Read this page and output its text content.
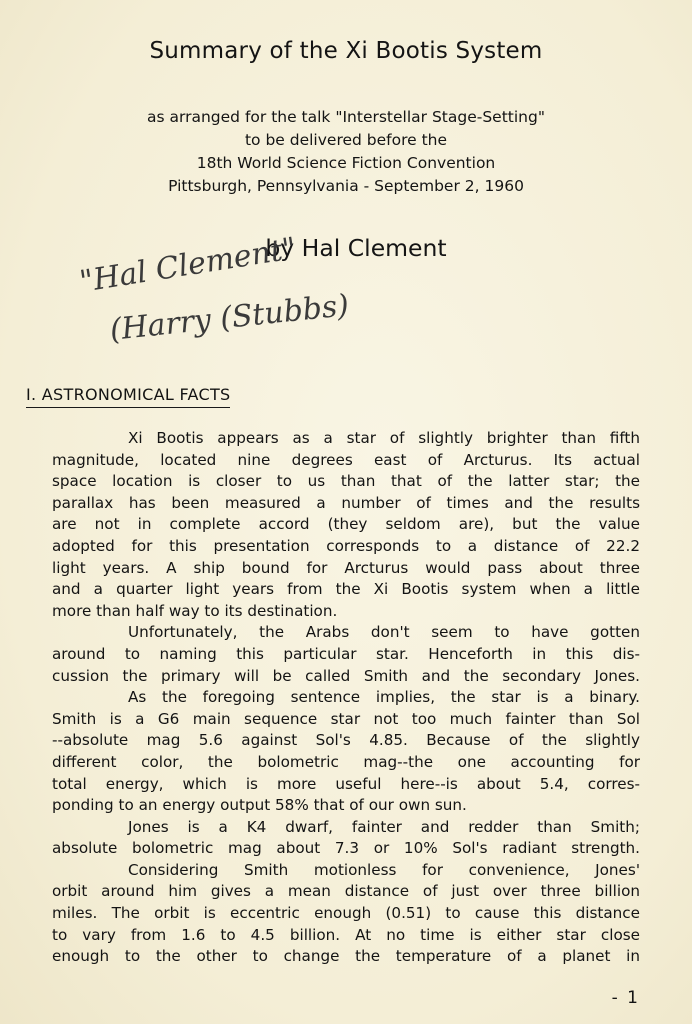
Summary of the Xi Bootis System
as arranged for the talk "Interstellar Stage-Setting"
to be delivered before the
18th World Science Fiction Convention
Pittsburgh, Pennsylvania - September 2, 1960
by Hal Clement
"Hal Clement"
(Harry (Stubbs)
I. ASTRONOMICAL FACTS
Xi Bootis appears as a star of slightly brighter than fifth
magnitude, located nine degrees east of Arcturus. Its actual
space location is closer to us than that of the latter star; the
parallax has been measured a number of times and the results
are not in complete accord (they seldom are), but the value
adopted for this presentation corresponds to a distance of 22.2
light years. A ship bound for Arcturus would pass about three
and a quarter light years from the Xi Bootis system when a little
more than half way to its destination.
Unfortunately, the Arabs don't seem to have gotten
around to naming this particular star. Henceforth in this dis-
cussion the primary will be called Smith and the secondary Jones.
As the foregoing sentence implies, the star is a binary.
Smith is a G6 main sequence star not too much fainter than Sol
--absolute mag 5.6 against Sol's 4.85. Because of the slightly
different color, the bolometric mag--the one accounting for
total energy, which is more useful here--is about 5.4, corres-
ponding to an energy output 58% that of our own sun.
Jones is a K4 dwarf, fainter and redder than Smith;
absolute bolometric mag about 7.3 or 10% Sol's radiant strength.
Considering Smith motionless for convenience, Jones'
orbit around him gives a mean distance of just over three billion
miles. The orbit is eccentric enough (0.51) to cause this distance
to vary from 1.6 to 4.5 billion. At no time is either star close
enough to the other to change the temperature of a planet in
- 1
